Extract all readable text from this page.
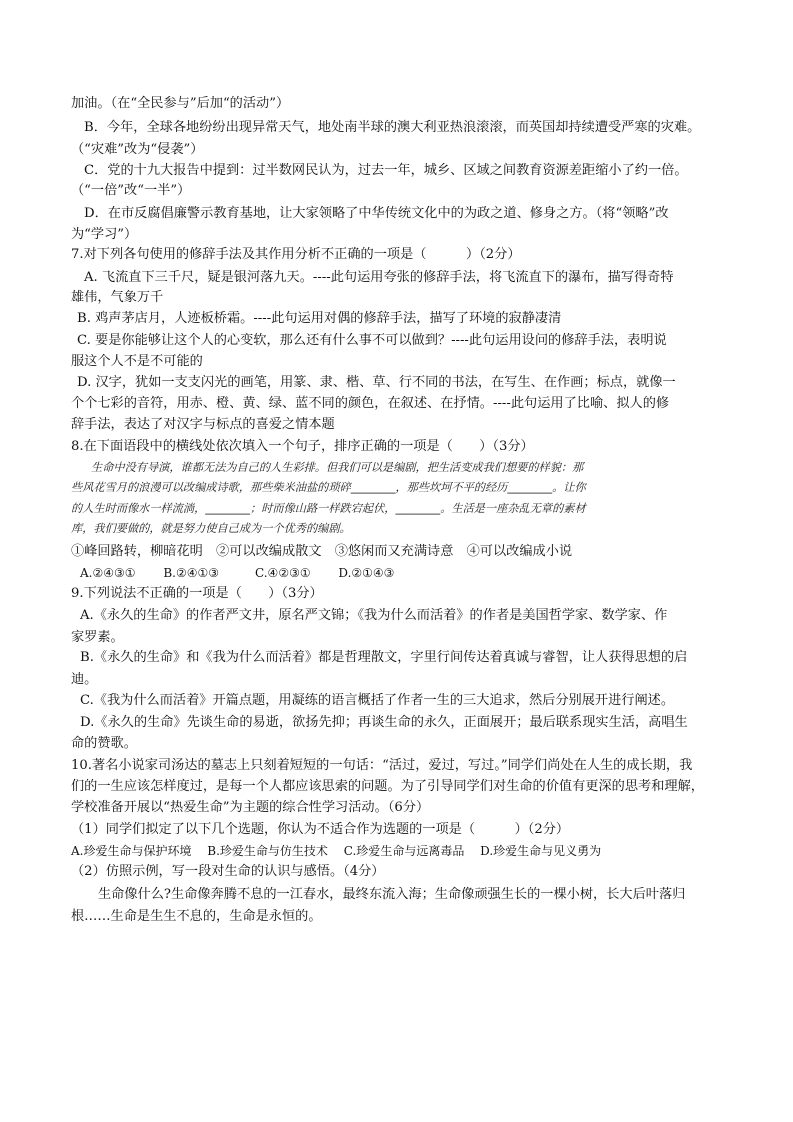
加油。（在“全民参与”后加“的活动”）
B．今年，全球各地纷纷出现异常天气，地处南半球的澳大利亚热浪滚滚，而英国却持续遭受严寒的灾难。
（“灾难”改为“侵袭”）
C．党的十九大报告中提到：过半数网民认为，过去一年，城乡、区域之间教育资源差距缩小了约一倍。
（“一倍”改“一半”）
D．在市反腐倡廉警示教育基地，让大家领略了中华传统文化中的为政之道、修身之方。（将“领略”改
为“学习”）
7.对下列各句使用的修辞手法及其作用分析不正确的一项是（　　　）（2分）
A. 飞流直下三千尺，疑是银河落九天。----此句运用夸张的修辞手法，将飞流直下的瀑布，描写得奇特
雄伟，气象万千
B. 鸡声茅店月，人迹板桥霜。----此句运用对偶的修辞手法，描写了环境的寂静凄清
C. 要是你能够让这个人的心变软，那么还有什么事不可以做到？----此句运用设问的修辞手法，表明说
服这个人不是不可能的
D. 汉字，犹如一支支闪光的画笔，用篆、隶、楷、草、行不同的书法，在写生、在作画；标点，就像一
个个七彩的音符，用赤、橙、黄、绿、蓝不同的颜色，在叙述、在抒情。----此句运用了比喻、拟人的修
辞手法，表达了对汉字与标点的喜爱之情本题
8.在下面语段中的横线处依次填入一个句子，排序正确的一项是（　　）（3分）
生命中没有导演，谁都无法为自己的人生彩排。但我们可以是编剧，把生活变成我们想要的样貌：那
些风花雪月的浪漫可以改编成诗歌，那些柴米油盐的琐碎________，那些坎坷不平的经历________。让你
的人生时而像水一样流淌，________；时而像山路一样跌宕起伏，________。生活是一座杂乱无章的素材
库，我们要做的，就是努力使自己成为一个优秀的编剧。
①峰回路转，柳暗花明　②可以改编成散文　③悠闲而又充满诗意　④可以改编成小说
A.②④③①　　 B.②④①③　　　C.④②③①　　 D.②①④③
9.下列说法不正确的一项是（　　）（3分）
A.《永久的生命》的作者严文井，原名严文锦；《我为什么而活着》的作者是美国哲学家、数学家、作
家罗素。
B.《永久的生命》和《我为什么而活着》都是哲理散文，字里行间传达着真诚与睿智，让人获得思想的启
迪。
C.《我为什么而活着》开篇点题，用凝练的语言概括了作者一生的三大追求，然后分别展开进行阐述。
D.《永久的生命》先谈生命的易逝，欲扬先抑；再谈生命的永久，正面展开；最后联系现实生活，高唱生
命的赞歌。
10.著名小说家司汤达的墓志上只刻着短短的一句话：“活过，爱过，写过。”同学们尚处在人生的成长期，我
们的一生应该怎样度过，是每一个人都应该思索的问题。为了引导同学们对生命的价值有更深的思考和理解，
学校准备开展以“热爱生命”为主题的综合性学习活动。（6分）
（1）同学们拟定了以下几个选题，你认为不适合作为选题的一项是（　　　）（2分）
A.珍爱生命与保护环境　 B.珍爱生命与仿生技术　 C.珍爱生命与远离毒品　 D.珍爱生命与见义勇为
（2）仿照示例，写一段对生命的认识与感悟。（4分）
生命像什么?生命像奔腾不息的一江春水，最终东流入海；生命像顽强生长的一棵小树，长大后叶落归
根……生命是生生不息的，生命是永恒的。
